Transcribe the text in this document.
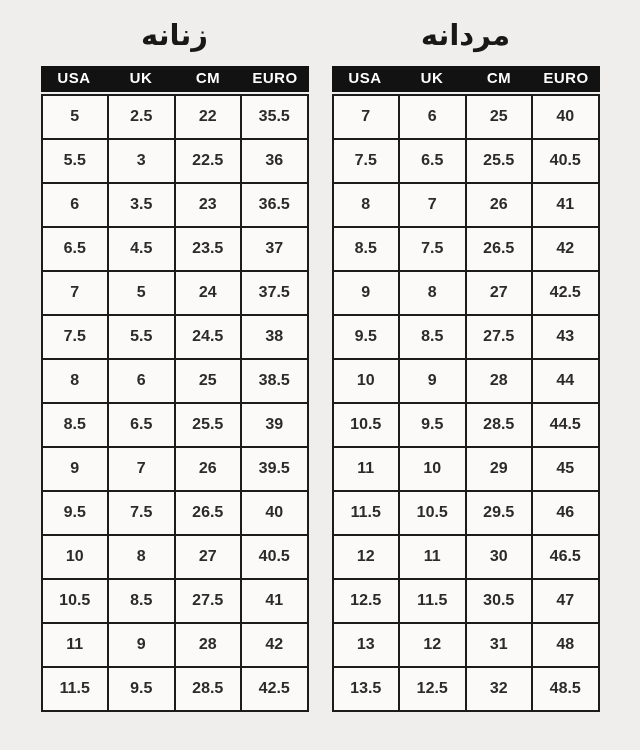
زنانه
USA	UK	CM	EURO
5	2.5	22	35.5
5.5	3	22.5	36
6	3.5	23	36.5
6.5	4.5	23.5	37
7	5	24	37.5
7.5	5.5	24.5	38
8	6	25	38.5
8.5	6.5	25.5	39
9	7	26	39.5
9.5	7.5	26.5	40
10	8	27	40.5
10.5	8.5	27.5	41
11	9	28	42
11.5	9.5	28.5	42.5
مردانه
USA	UK	CM	EURO
7	6	25	40
7.5	6.5	25.5	40.5
8	7	26	41
8.5	7.5	26.5	42
9	8	27	42.5
9.5	8.5	27.5	43
10	9	28	44
10.5	9.5	28.5	44.5
11	10	29	45
11.5	10.5	29.5	46
12	11	30	46.5
12.5	11.5	30.5	47
13	12	31	48
13.5	12.5	32	48.5
